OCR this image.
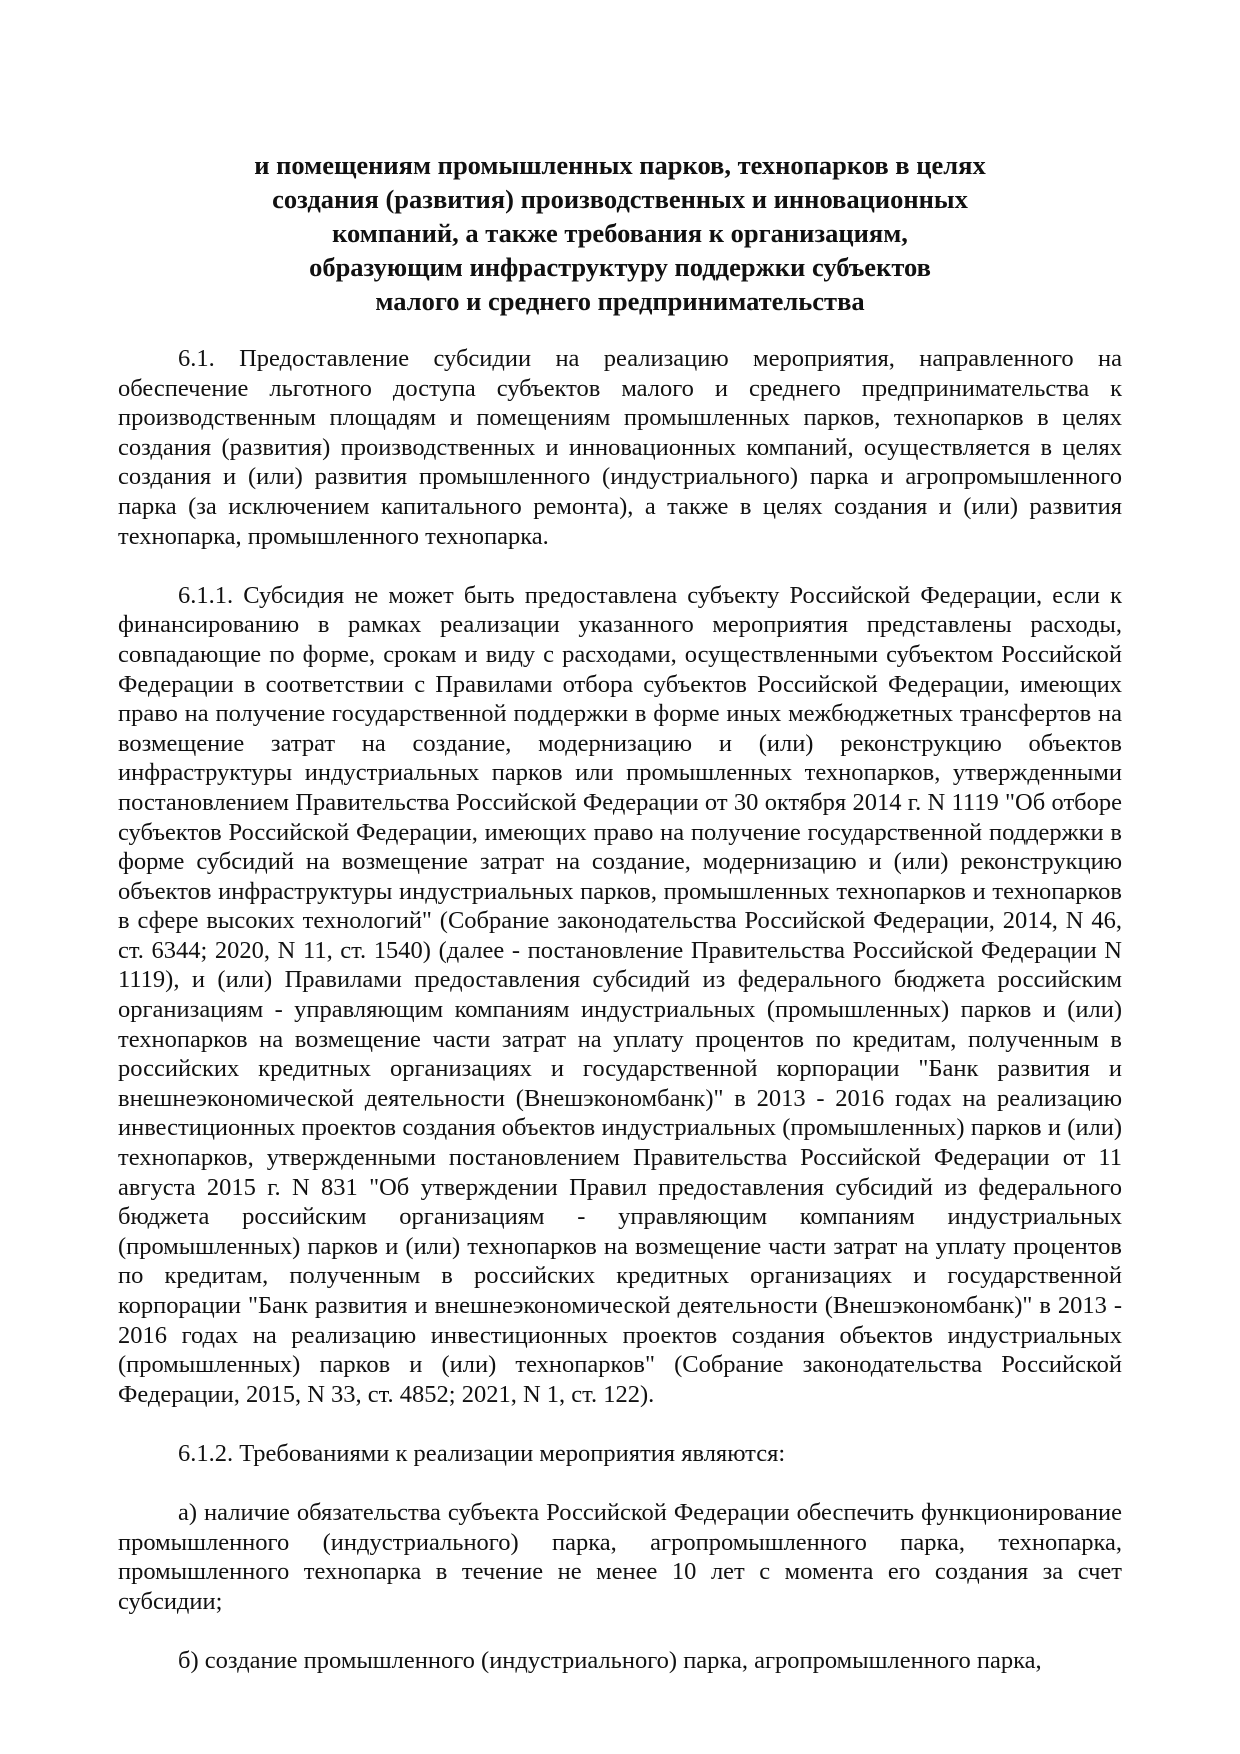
и помещениям промышленных парков, технопарков в целях
создания (развития) производственных и инновационных
компаний, а также требования к организациям,
образующим инфраструктуру поддержки субъектов
малого и среднего предпринимательства

6.1. Предоставление субсидии на реализацию мероприятия, направленного на обеспечение льготного доступа субъектов малого и среднего предпринимательства к производственным площадям и помещениям промышленных парков, технопарков в целях создания (развития) производственных и инновационных компаний, осуществляется в целях создания и (или) развития промышленного (индустриального) парка и агропромышленного парка (за исключением капитального ремонта), а также в целях создания и (или) развития технопарка, промышленного технопарка.

6.1.1. Субсидия не может быть предоставлена субъекту Российской Федерации, если к финансированию в рамках реализации указанного мероприятия представлены расходы, совпадающие по форме, срокам и виду с расходами, осуществленными субъектом Российской Федерации в соответствии с Правилами отбора субъектов Российской Федерации, имеющих право на получение государственной поддержки в форме иных межбюджетных трансфертов на возмещение затрат на создание, модернизацию и (или) реконструкцию объектов инфраструктуры индустриальных парков или промышленных технопарков, утвержденными постановлением Правительства Российской Федерации от 30 октября 2014 г. N 1119 "Об отборе субъектов Российской Федерации, имеющих право на получение государственной поддержки в форме субсидий на возмещение затрат на создание, модернизацию и (или) реконструкцию объектов инфраструктуры индустриальных парков, промышленных технопарков и технопарков в сфере высоких технологий" (Собрание законодательства Российской Федерации, 2014, N 46, ст. 6344; 2020, N 11, ст. 1540) (далее - постановление Правительства Российской Федерации N 1119), и (или) Правилами предоставления субсидий из федерального бюджета российским организациям - управляющим компаниям индустриальных (промышленных) парков и (или) технопарков на возмещение части затрат на уплату процентов по кредитам, полученным в российских кредитных организациях и государственной корпорации "Банк развития и внешнеэкономической деятельности (Внешэкономбанк)" в 2013 - 2016 годах на реализацию инвестиционных проектов создания объектов индустриальных (промышленных) парков и (или) технопарков, утвержденными постановлением Правительства Российской Федерации от 11 августа 2015 г. N 831 "Об утверждении Правил предоставления субсидий из федерального бюджета российским организациям - управляющим компаниям индустриальных (промышленных) парков и (или) технопарков на возмещение части затрат на уплату процентов по кредитам, полученным в российских кредитных организациях и государственной корпорации "Банк развития и внешнеэкономической деятельности (Внешэкономбанк)" в 2013 - 2016 годах на реализацию инвестиционных проектов создания объектов индустриальных (промышленных) парков и (или) технопарков" (Собрание законодательства Российской Федерации, 2015, N 33, ст. 4852; 2021, N 1, ст. 122).

6.1.2. Требованиями к реализации мероприятия являются:

а) наличие обязательства субъекта Российской Федерации обеспечить функционирование промышленного (индустриального) парка, агропромышленного парка, технопарка, промышленного технопарка в течение не менее 10 лет с момента его создания за счет субсидии;

б) создание промышленного (индустриального) парка, агропромышленного парка,
